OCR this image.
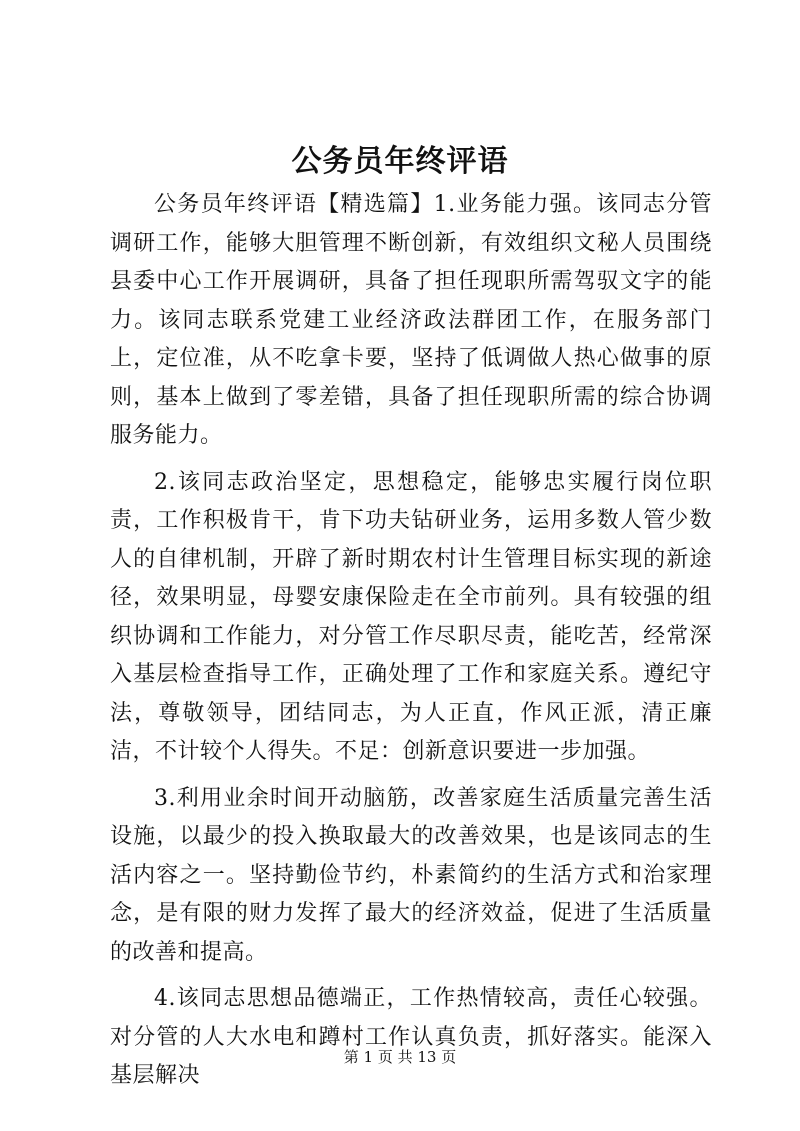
公务员年终评语

公务员年终评语【精选篇】1.业务能力强。该同志分管调研工作，能够大胆管理不断创新，有效组织文秘人员围绕县委中心工作开展调研，具备了担任现职所需驾驭文字的能力。该同志联系党建工业经济政法群团工作，在服务部门上，定位准，从不吃拿卡要，坚持了低调做人热心做事的原则，基本上做到了零差错，具备了担任现职所需的综合协调服务能力。

2.该同志政治坚定，思想稳定，能够忠实履行岗位职责，工作积极肯干，肯下功夫钻研业务，运用多数人管少数人的自律机制，开辟了新时期农村计生管理目标实现的新途径，效果明显，母婴安康保险走在全市前列。具有较强的组织协调和工作能力，对分管工作尽职尽责，能吃苦，经常深入基层检查指导工作，正确处理了工作和家庭关系。遵纪守法，尊敬领导，团结同志，为人正直，作风正派，清正廉洁，不计较个人得失。不足：创新意识要进一步加强。

3.利用业余时间开动脑筋，改善家庭生活质量完善生活设施，以最少的投入换取最大的改善效果，也是该同志的生活内容之一。坚持勤俭节约，朴素简约的生活方式和治家理念，是有限的财力发挥了最大的经济效益，促进了生活质量的改善和提高。

4.该同志思想品德端正，工作热情较高，责任心较强。对分管的人大水电和蹲村工作认真负责，抓好落实。能深入基层解决

第 1 页 共 13 页
